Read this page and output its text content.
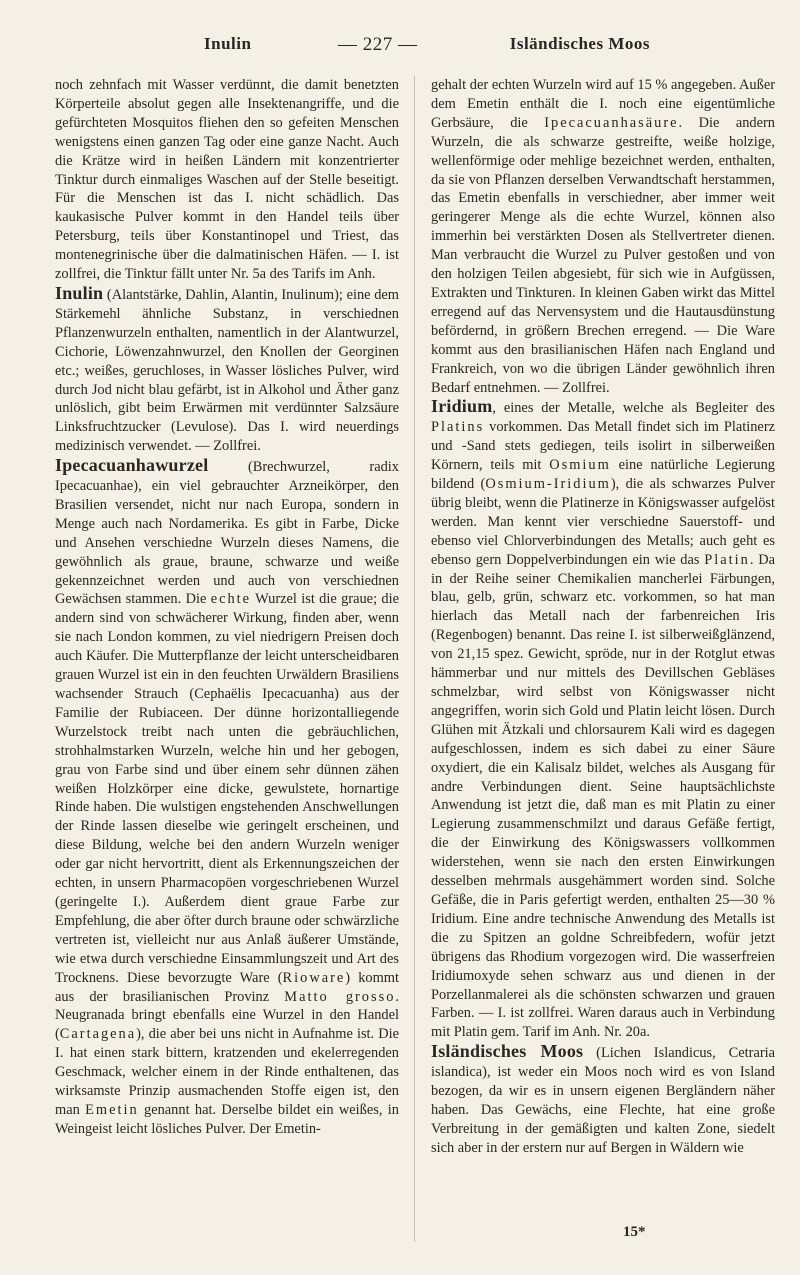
Inulin	— 227 —	Isländisches Moos

noch zehnfach mit Wasser verdünnt, die damit benetzten Körperteile absolut gegen alle Insektenangriffe, und die gefürchteten Mosquitos fliehen den so gefeiten Menschen wenigstens einen ganzen Tag oder eine ganze Nacht. Auch die Krätze wird in heißen Ländern mit konzentrierter Tinktur durch einmaliges Waschen auf der Stelle beseitigt. Für die Menschen ist das I. nicht schädlich. Das kaukasische Pulver kommt in den Handel teils über Petersburg, teils über Konstantinopel und Triest, das montenegrinische über die dalmatinischen Häfen. — I. ist zollfrei, die Tinktur fällt unter Nr. 5a des Tarifs im Anh.

Inulin (Alantstärke, Dahlin, Alantin, Inulinum); eine dem Stärkemehl ähnliche Substanz, in verschiednen Pflanzenwurzeln enthalten, namentlich in der Alantwurzel, Cichorie, Löwenzahnwurzel, den Knollen der Georginen etc.; weißes, geruchloses, in Wasser lösliches Pulver, wird durch Jod nicht blau gefärbt, ist in Alkohol und Äther ganz unlöslich, gibt beim Erwärmen mit verdünnter Salzsäure Linksfruchtzucker (Levulose). Das I. wird neuerdings medizinisch verwendet. — Zollfrei.

Ipecacuanhawurzel (Brechwurzel, radix Ipecacuanhae), ein viel gebrauchter Arzneikörper, den Brasilien versendet, nicht nur nach Europa, sondern in Menge auch nach Nordamerika. Es gibt in Farbe, Dicke und Ansehen verschiedne Wurzeln dieses Namens, die gewöhnlich als graue, braune, schwarze und weiße gekennzeichnet werden und auch von verschiednen Gewächsen stammen. Die echte Wurzel ist die graue; die andern sind von schwächerer Wirkung, finden aber, wenn sie nach London kommen, zu viel niedrigern Preisen doch auch Käufer. Die Mutterpflanze der leicht unterscheidbaren grauen Wurzel ist ein in den feuchten Urwäldern Brasiliens wachsender Strauch (Cephaëlis Ipecacuanha) aus der Familie der Rubiaceen. Der dünne horizontalliegende Wurzelstock treibt nach unten die gebräuchlichen, strohhalmstarken Wurzeln, welche hin und her gebogen, grau von Farbe sind und über einem sehr dünnen zähen weißen Holzkörper eine dicke, gewulstete, hornartige Rinde haben. Die wulstigen engstehenden Anschwellungen der Rinde lassen dieselbe wie geringelt erscheinen, und diese Bildung, welche bei den andern Wurzeln weniger oder gar nicht hervortritt, dient als Erkennungszeichen der echten, in unsern Pharmacopöen vorgeschriebenen Wurzel (geringelte I.). Außerdem dient graue Farbe zur Empfehlung, die aber öfter durch braune oder schwärzliche vertreten ist, vielleicht nur aus Anlaß äußerer Umstände, wie etwa durch verschiedne Einsammlungszeit und Art des Trocknens. Diese bevorzugte Ware (Rioware) kommt aus der brasilianischen Provinz Matto grosso. Neugranada bringt ebenfalls eine Wurzel in den Handel (Cartagena), die aber bei uns nicht in Aufnahme ist. Die I. hat einen stark bittern, kratzenden und ekelerregenden Geschmack, welcher einem in der Rinde enthaltenen, das wirksamste Prinzip ausmachenden Stoffe eigen ist, den man Emetin genannt hat. Derselbe bildet ein weißes, in Weingeist leicht lösliches Pulver. Der Emetin-

gehalt der echten Wurzeln wird auf 15 % angegeben. Außer dem Emetin enthält die I. noch eine eigentümliche Gerbsäure, die Ipecacuanhasäure. Die andern Wurzeln, die als schwarze gestreifte, weiße holzige, wellenförmige oder mehlige bezeichnet werden, enthalten, da sie von Pflanzen derselben Verwandtschaft herstammen, das Emetin ebenfalls in verschiedner, aber immer weit geringerer Menge als die echte Wurzel, können also immerhin bei verstärkten Dosen als Stellvertreter dienen. Man verbraucht die Wurzel zu Pulver gestoßen und von den holzigen Teilen abgesiebt, für sich wie in Aufgüssen, Extrakten und Tinkturen. In kleinen Gaben wirkt das Mittel erregend auf das Nervensystem und die Hautausdünstung befördernd, in größern Brechen erregend. — Die Ware kommt aus den brasilianischen Häfen nach England und Frankreich, von wo die übrigen Länder gewöhnlich ihren Bedarf entnehmen. — Zollfrei.

Iridium, eines der Metalle, welche als Begleiter des Platins vorkommen. Das Metall findet sich im Platinerz und -Sand stets gediegen, teils isolirt in silberweißen Körnern, teils mit Osmium eine natürliche Legierung bildend (Osmium-Iridium), die als schwarzes Pulver übrig bleibt, wenn die Platinerze in Königswasser aufgelöst werden. Man kennt vier verschiedne Sauerstoff- und ebenso viel Chlorverbindungen des Metalls; auch geht es ebenso gern Doppelverbindungen ein wie das Platin. Da in der Reihe seiner Chemikalien mancherlei Färbungen, blau, gelb, grün, schwarz etc. vorkommen, so hat man hierlach das Metall nach der farbenreichen Iris (Regenbogen) benannt. Das reine I. ist silberweißglänzend, von 21,15 spez. Gewicht, spröde, nur in der Rotglut etwas hämmerbar und nur mittels des Devillschen Gebläses schmelzbar, wird selbst von Königswasser nicht angegriffen, worin sich Gold und Platin leicht lösen. Durch Glühen mit Ätzkali und chlorsaurem Kali wird es dagegen aufgeschlossen, indem es sich dabei zu einer Säure oxydiert, die ein Kalisalz bildet, welches als Ausgang für andre Verbindungen dient. Seine hauptsächlichste Anwendung ist jetzt die, daß man es mit Platin zu einer Legierung zusammenschmilzt und daraus Gefäße fertigt, die der Einwirkung des Königswassers vollkommen widerstehen, wenn sie nach den ersten Einwirkungen desselben mehrmals ausgehämmert worden sind. Solche Gefäße, die in Paris gefertigt werden, enthalten 25—30 % Iridium. Eine andre technische Anwendung des Metalls ist die zu Spitzen an goldne Schreibfedern, wofür jetzt übrigens das Rhodium vorgezogen wird. Die wasserfreien Iridiumoxyde sehen schwarz aus und dienen in der Porzellanmalerei als die schönsten schwarzen und grauen Farben. — I. ist zollfrei. Waren daraus auch in Verbindung mit Platin gem. Tarif im Anh. Nr. 20a.

Isländisches Moos (Lichen Islandicus, Cetraria islandica), ist weder ein Moos noch wird es von Island bezogen, da wir es in unsern eigenen Bergländern näher haben. Das Gewächs, eine Flechte, hat eine große Verbreitung in der gemäßigten und kalten Zone, siedelt sich aber in der erstern nur auf Bergen in Wäldern wie

15*
